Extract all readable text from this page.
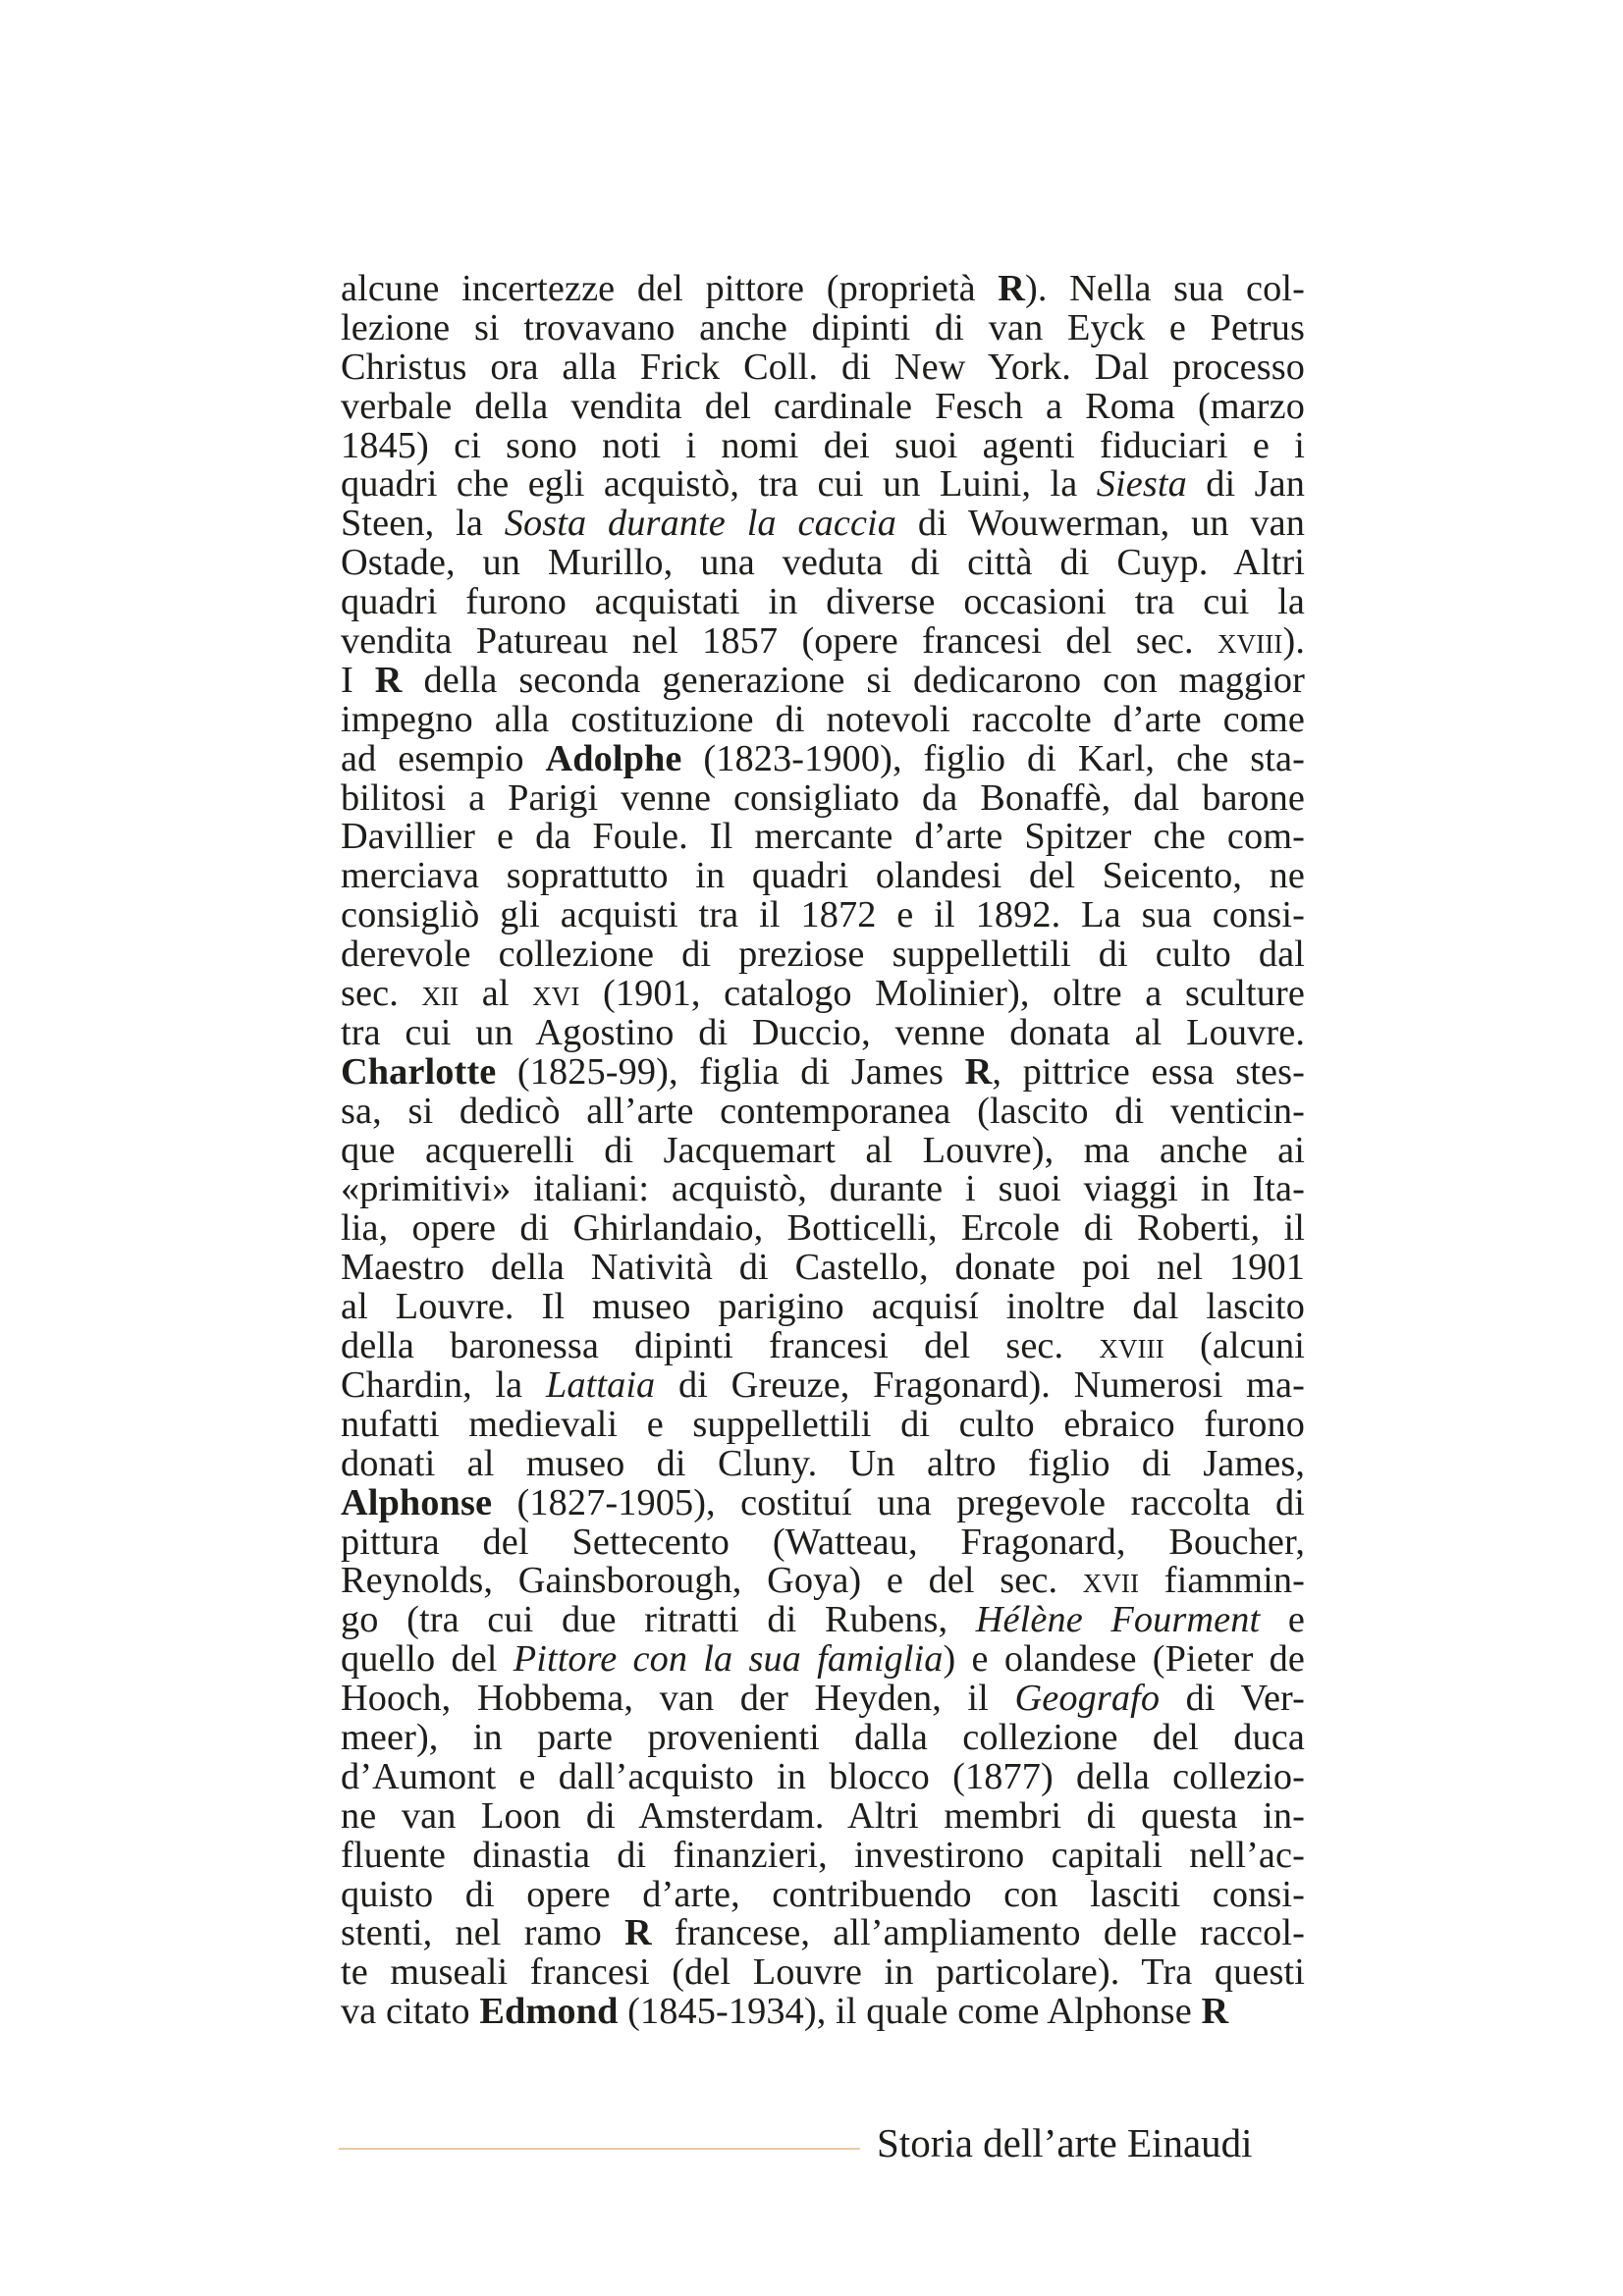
alcune incertezze del pittore (proprietà R). Nella sua col-
lezione si trovavano anche dipinti di van Eyck e Petrus
Christus ora alla Frick Coll. di New York. Dal processo
verbale della vendita del cardinale Fesch a Roma (marzo
1845) ci sono noti i nomi dei suoi agenti fiduciari e i
quadri che egli acquistò, tra cui un Luini, la Siesta di Jan
Steen, la Sosta durante la caccia di Wouwerman, un van
Ostade, un Murillo, una veduta di città di Cuyp. Altri
quadri furono acquistati in diverse occasioni tra cui la
vendita Patureau nel 1857 (opere francesi del sec. xviii).
I R della seconda generazione si dedicarono con maggior
impegno alla costituzione di notevoli raccolte d’arte come
ad esempio Adolphe (1823-1900), figlio di Karl, che sta-
bilitosi a Parigi venne consigliato da Bonaffè, dal barone
Davillier e da Foule. Il mercante d’arte Spitzer che com-
merciava soprattutto in quadri olandesi del Seicento, ne
consigliò gli acquisti tra il 1872 e il 1892. La sua consi-
derevole collezione di preziose suppellettili di culto dal
sec. xii al xvi (1901, catalogo Molinier), oltre a sculture
tra cui un Agostino di Duccio, venne donata al Louvre.
Charlotte (1825-99), figlia di James R, pittrice essa stes-
sa, si dedicò all’arte contemporanea (lascito di venticin-
que acquerelli di Jacquemart al Louvre), ma anche ai
«primitivi» italiani: acquistò, durante i suoi viaggi in Ita-
lia, opere di Ghirlandaio, Botticelli, Ercole di Roberti, il
Maestro della Natività di Castello, donate poi nel 1901
al Louvre. Il museo parigino acquisí inoltre dal lascito
della baronessa dipinti francesi del sec. xviii (alcuni
Chardin, la Lattaia di Greuze, Fragonard). Numerosi ma-
nufatti medievali e suppellettili di culto ebraico furono
donati al museo di Cluny. Un altro figlio di James,
Alphonse (1827-1905), costituí una pregevole raccolta di
pittura del Settecento (Watteau, Fragonard, Boucher,
Reynolds, Gainsborough, Goya) e del sec. xvii fiammin-
go (tra cui due ritratti di Rubens, Hélène Fourment e
quello del Pittore con la sua famiglia) e olandese (Pieter de
Hooch, Hobbema, van der Heyden, il Geografo di Ver-
meer), in parte provenienti dalla collezione del duca
d’Aumont e dall’acquisto in blocco (1877) della collezio-
ne van Loon di Amsterdam. Altri membri di questa in-
fluente dinastia di finanzieri, investirono capitali nell’ac-
quisto di opere d’arte, contribuendo con lasciti consi-
stenti, nel ramo R francese, all’ampliamento delle raccol-
te museali francesi (del Louvre in particolare). Tra questi
va citato Edmond (1845-1934), il quale come Alphonse R
Storia dell’arte Einaudi
